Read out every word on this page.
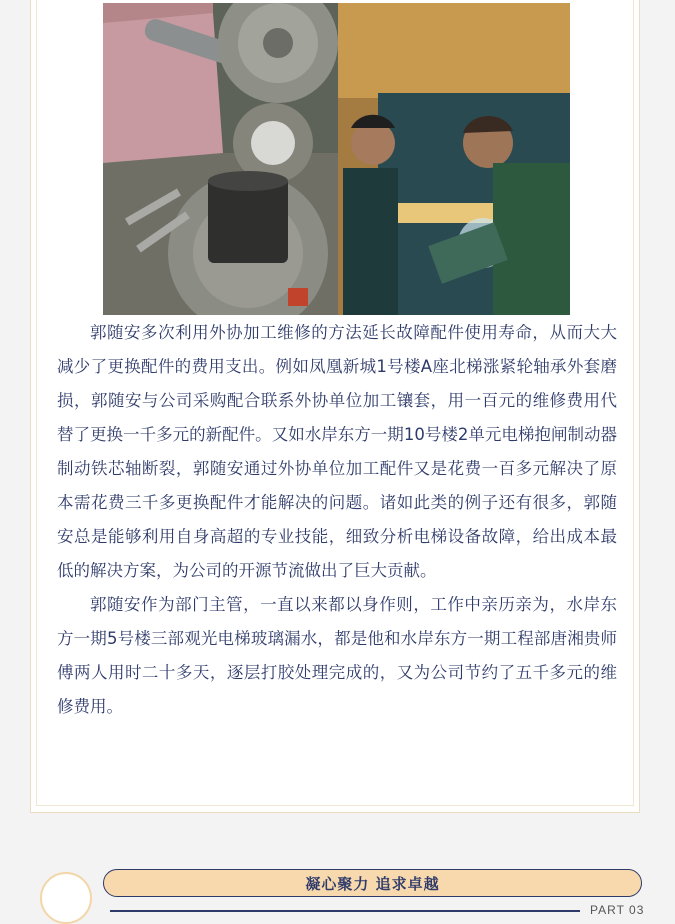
郭随安多次利用外协加工维修的方法延长故障配件使用寿命，从而大大减少了更换配件的费用支出。例如凤凰新城1号楼A座北梯涨紧轮轴承外套磨损，郭随安与公司采购配合联系外协单位加工镶套，用一百元的维修费用代替了更换一千多元的新配件。又如水岸东方一期10号楼2单元电梯抱闸制动器制动铁芯轴断裂，郭随安通过外协单位加工配件又是花费一百多元解决了原本需花费三千多更换配件才能解决的问题。诸如此类的例子还有很多，郭随安总是能够利用自身高超的专业技能，细致分析电梯设备故障，给出成本最低的解决方案，为公司的开源节流做出了巨大贡献。

郭随安作为部门主管，一直以来都以身作则，工作中亲历亲为，水岸东方一期5号楼三部观光电梯玻璃漏水，都是他和水岸东方一期工程部唐湘贵师傅两人用时二十多天，逐层打胶处理完成的，又为公司节约了五千多元的维修费用。

凝心聚力 追求卓越
PART 03
